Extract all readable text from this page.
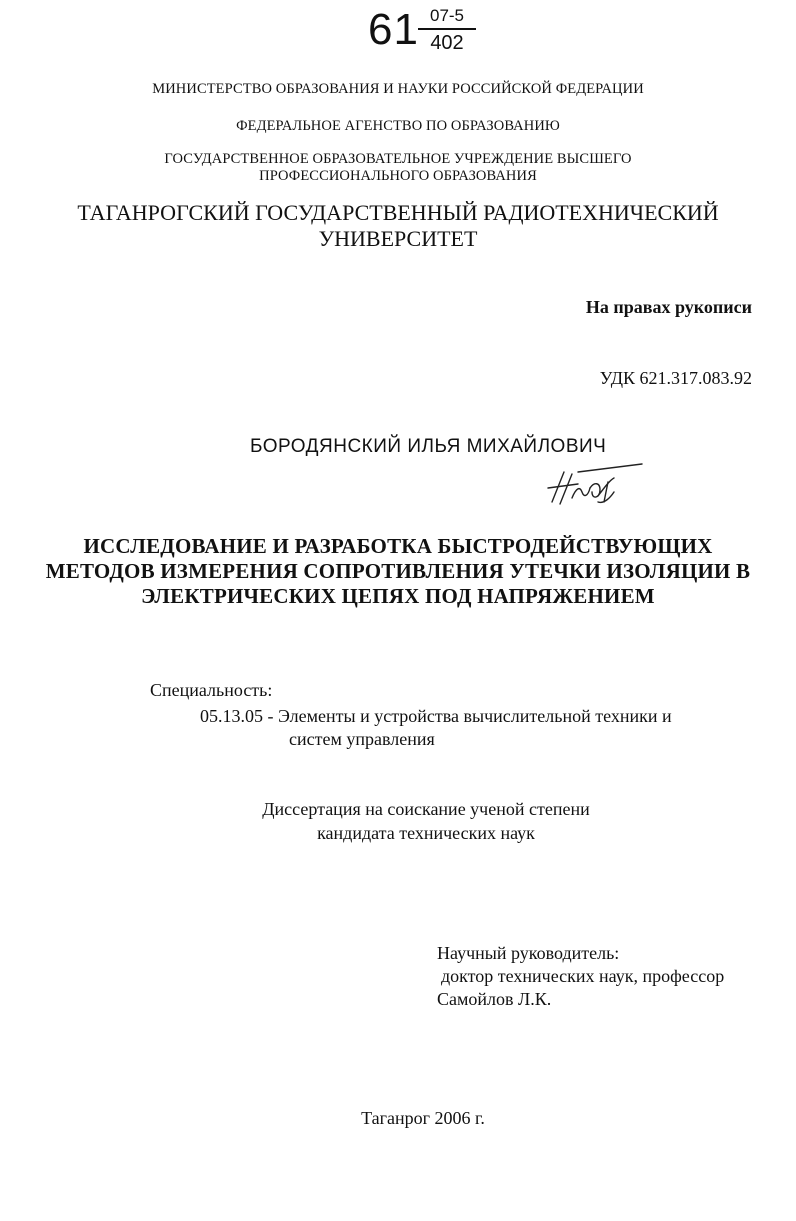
61 07-5
402
МИНИСТЕРСТВО ОБРАЗОВАНИЯ И НАУКИ РОССИЙСКОЙ ФЕДЕРАЦИИ
ФЕДЕРАЛЬНОЕ АГЕНСТВО ПО ОБРАЗОВАНИЮ
ГОСУДАРСТВЕННОЕ ОБРАЗОВАТЕЛЬНОЕ УЧРЕЖДЕНИЕ ВЫСШЕГО
ПРОФЕССИОНАЛЬНОГО ОБРАЗОВАНИЯ
ТАГАНРОГСКИЙ ГОСУДАРСТВЕННЫЙ РАДИОТЕХНИЧЕСКИЙ
УНИВЕРСИТЕТ
На правах рукописи
УДК 621.317.083.92
БОРОДЯНСКИЙ ИЛЬЯ МИХАЙЛОВИЧ
ИССЛЕДОВАНИЕ И РАЗРАБОТКА БЫСТРОДЕЙСТВУЮЩИХ
МЕТОДОВ ИЗМЕРЕНИЯ СОПРОТИВЛЕНИЯ УТЕЧКИ ИЗОЛЯЦИИ В
ЭЛЕКТРИЧЕСКИХ ЦЕПЯХ ПОД НАПРЯЖЕНИЕМ
Специальность:
05.13.05 - Элементы и устройства вычислительной техники и
систем управления
Диссертация на соискание ученой степени
кандидата технических наук
Научный руководитель:
доктор технических наук, профессор
Самойлов Л.К.
Таганрог 2006 г.
